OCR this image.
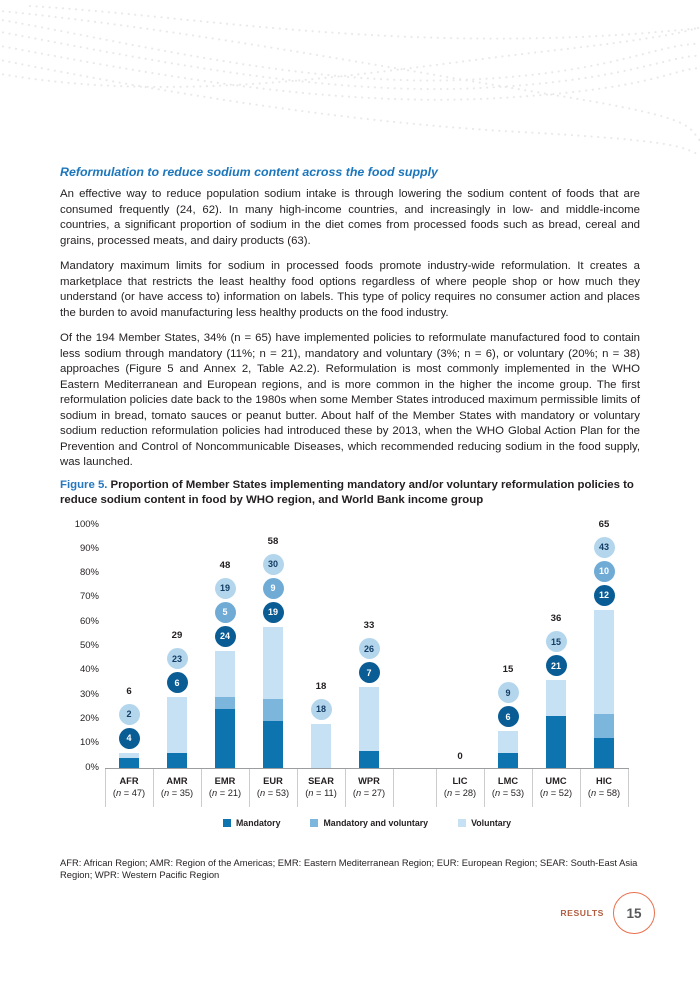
Reformulation to reduce sodium content across the food supply

An effective way to reduce population sodium intake is through lowering the sodium content of foods that are consumed frequently (24, 62). In many high-income countries, and increasingly in low- and middle-income countries, a significant proportion of sodium in the diet comes from processed foods such as bread, cereal and grains, processed meats, and dairy products (63).

Mandatory maximum limits for sodium in processed foods promote industry-wide reformulation. It creates a marketplace that restricts the least healthy food options regardless of where people shop or how much they understand (or have access to) information on labels. This type of policy requires no consumer action and places the burden to avoid manufacturing less healthy products on the food industry.

Of the 194 Member States, 34% (n = 65) have implemented policies to reformulate manufactured food to contain less sodium through mandatory (11%; n = 21), mandatory and voluntary (3%; n = 6), or voluntary (20%; n = 38) approaches (Figure 5 and Annex 2, Table A2.2). Reformulation is most commonly implemented in the WHO Eastern Mediterranean and European regions, and is more common in the higher the income group. The first reformulation policies date back to the 1980s when some Member States introduced maximum permissible limits of sodium in bread, tomato sauces or peanut butter. About half of the Member States with mandatory or voluntary sodium reduction reformulation policies had introduced these by 2013, when the WHO Global Action Plan for the Prevention and Control of Noncommunicable Diseases, which recommended reducing sodium in the food supply, was launched.

Figure 5. Proportion of Member States implementing mandatory and/or voluntary reformulation policies to reduce sodium content in food by WHO region, and World Bank income group

0%
10%
20%
30%
40%
50%
60%
70%
80%
90%
100%
4
2
6
6
23
29	24
5
19
48
19
9
30
58
18
18
7
26
33
0
6
9
15	21
15
36
12
10
43
65
AFR
(n = 47)
AMR
(n = 35)
EMR
(n = 21)
EUR
(n = 53)
SEAR
(n = 11)
WPR
(n = 27)
LIC
(n = 28)
LMC
(n = 53)
UMC
(n = 52)
HIC
(n = 58)
Mandatory	Mandatory and voluntary	Voluntary

AFR: African Region; AMR: Region of the Americas; EMR: Eastern Mediterranean Region; EUR: European Region; SEAR: South-East Asia Region; WPR: Western Pacific Region

RESULTS 15
